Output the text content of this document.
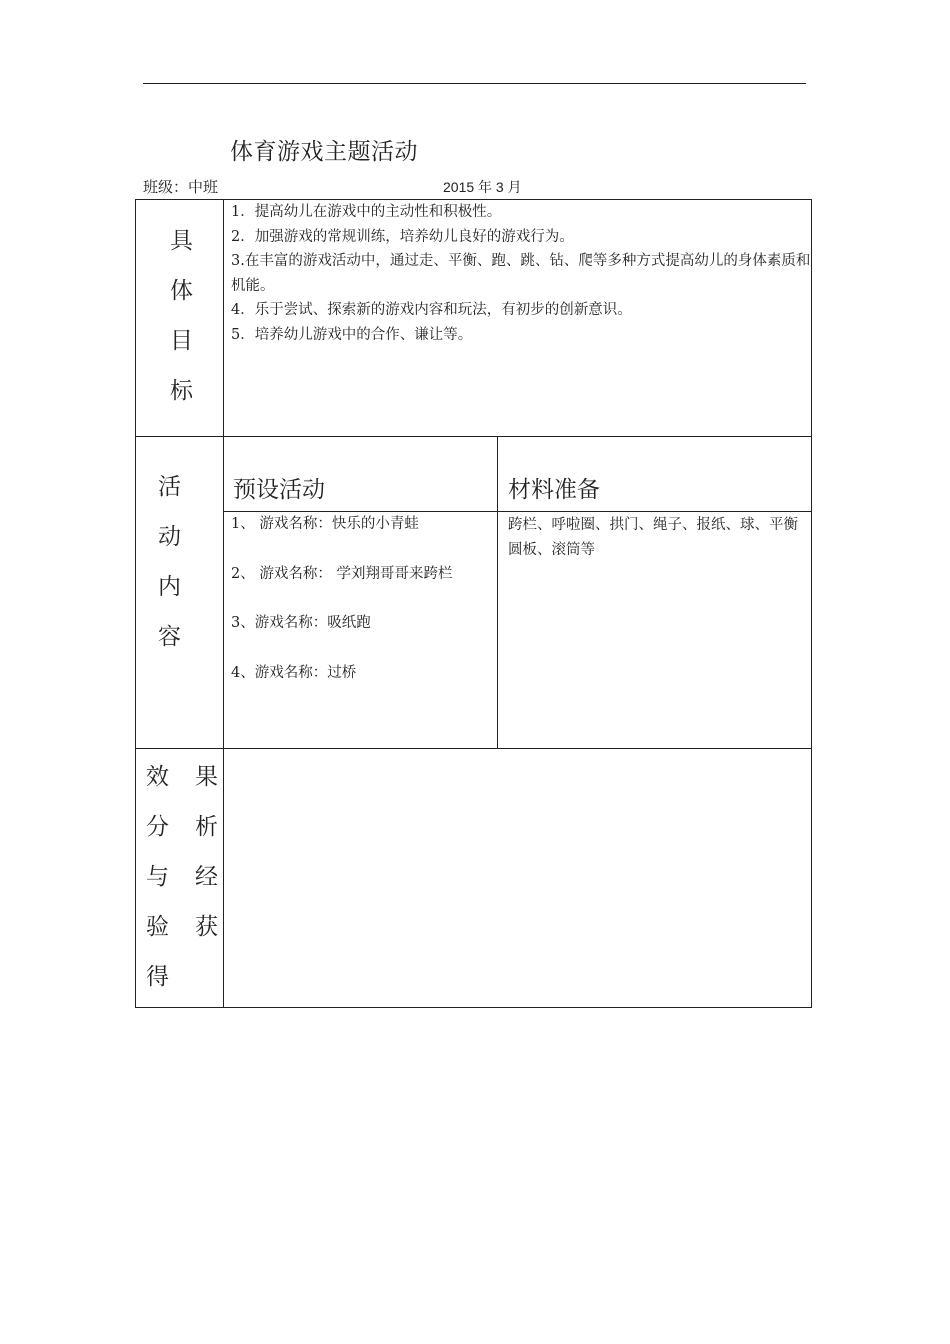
体育游戏主题活动
班级：中班	2015 年 3 月
具
体
目
标
活
动
内
容
效 果
分 析
与 经
验 获
得

1．提高幼儿在游戏中的主动性和积极性。

2．加强游戏的常规训练，培养幼儿良好的游戏行为。

3.在丰富的游戏活动中，通过走、平衡、跑、跳、钻、爬等多种方式提高幼儿的身体素质和机能。

4．乐于尝试、探索新的游戏内容和玩法，有初步的创新意识。

5．培养幼儿游戏中的合作、谦让等。

预设活动	材料准备

1、 游戏名称：快乐的小青蛙

2、 游戏名称： 学刘翔哥哥来跨栏

3、游戏名称：吸纸跑

4、游戏名称：过桥

跨栏、呼啦圈、拱门、绳子、报纸、球、平衡圆板、滚筒等
